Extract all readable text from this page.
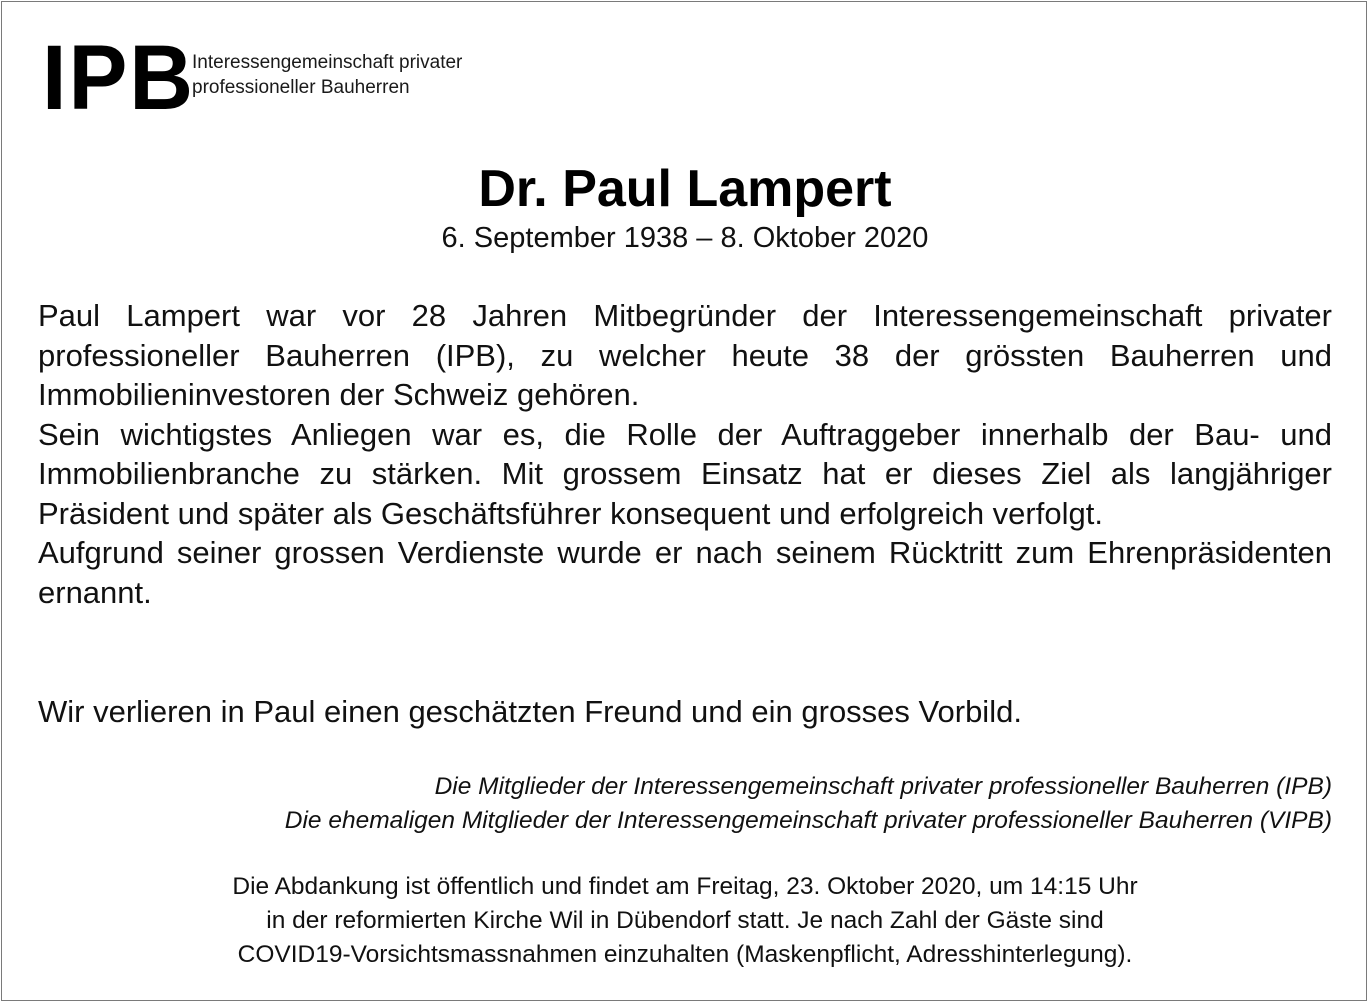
IPB
Interessengemeinschaft privater
professioneller Bauherren
Dr. Paul Lampert
6. September 1938 – 8. Oktober 2020

Paul Lampert war vor 28 Jahren Mitbegründer der Interessengemeinschaft privater professioneller Bauherren (IPB), zu welcher heute 38 der grössten Bauherren und Immobilieninvestoren der Schweiz gehören.

Sein wichtigstes Anliegen war es, die Rolle der Auftraggeber innerhalb der Bau- und Immobilienbranche zu stärken. Mit grossem Einsatz hat er dieses Ziel als langjähriger Präsident und später als Geschäftsführer konsequent und erfolgreich verfolgt.

Aufgrund seiner grossen Verdienste wurde er nach seinem Rücktritt zum Ehrenpräsidenten ernannt.

Wir verlieren in Paul einen geschätzten Freund und ein grosses Vorbild.
Die Mitglieder der Interessengemeinschaft privater professioneller Bauherren (IPB)
Die ehemaligen Mitglieder der Interessengemeinschaft privater professioneller Bauherren (VIPB)
Die Abdankung ist öffentlich und findet am Freitag, 23. Oktober 2020, um 14:15 Uhr
in der reformierten Kirche Wil in Dübendorf statt. Je nach Zahl der Gäste sind
COVID19-Vorsichtsmassnahmen einzuhalten (Maskenpflicht, Adresshinterlegung).
